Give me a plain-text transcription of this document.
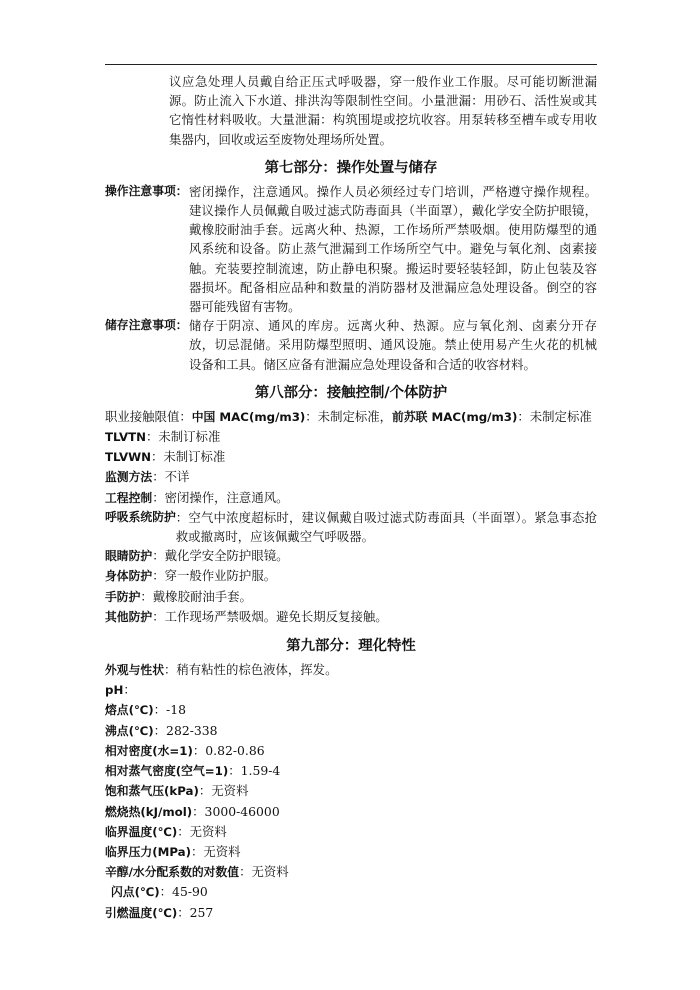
议应急处理人员戴自给正压式呼吸器，穿一般作业工作服。尽可能切断泄漏源。防止流入下水道、排洪沟等限制性空间。小量泄漏：用砂石、活性炭或其它惰性材料吸收。大量泄漏：构筑围堤或挖坑收容。用泵转移至槽车或专用收集器内，回收或运至废物处理场所处置。
第七部分：操作处置与储存
操作注意事项： 密闭操作，注意通风。操作人员必须经过专门培训，严格遵守操作规程。建议操作人员佩戴自吸过滤式防毒面具（半面罩），戴化学安全防护眼镜，戴橡胶耐油手套。远离火种、热源，工作场所严禁吸烟。使用防爆型的通风系统和设备。防止蒸气泄漏到工作场所空气中。避免与氧化剂、卤素接触。充装要控制流速，防止静电积聚。搬运时要轻装轻卸，防止包装及容器损坏。配备相应品种和数量的消防器材及泄漏应急处理设备。倒空的容器可能残留有害物。
储存注意事项： 储存于阴凉、通风的库房。远离火种、热源。应与氧化剂、卤素分开存放，切忌混储。采用防爆型照明、通风设施。禁止使用易产生火花的机械设备和工具。储区应备有泄漏应急处理设备和合适的收容材料。
第八部分：接触控制/个体防护
职业接触限值：中国 MAC(mg/m3)：未制定标准，前苏联 MAC(mg/m3)：未制定标准
TLVTN：未制订标准
TLVWN：未制订标准
监测方法：不详
工程控制：密闭操作，注意通风。
呼吸系统防护 ：空气中浓度超标时，建议佩戴自吸过滤式防毒面具（半面罩）。紧急事态抢救或撤离时，应该佩戴空气呼吸器。
眼睛防护：戴化学安全防护眼镜。
身体防护：穿一般作业防护服。
手防护：戴橡胶耐油手套。
其他防护：工作现场严禁吸烟。避免长期反复接触。
第九部分：理化特性
外观与性状：稍有粘性的棕色液体，挥发。
pH：
熔点(℃)：-18
沸点(℃)：282-338
相对密度(水=1)：0.82-0.86
相对蒸气密度(空气=1)：1.59-4
饱和蒸气压(kPa)：无资料
燃烧热(kJ/mol)：3000-46000
临界温度(℃)：无资料
临界压力(MPa)：无资料
辛醇/水分配系数的对数值：无资料
闪点(℃)：45-90
引燃温度(℃)：257
